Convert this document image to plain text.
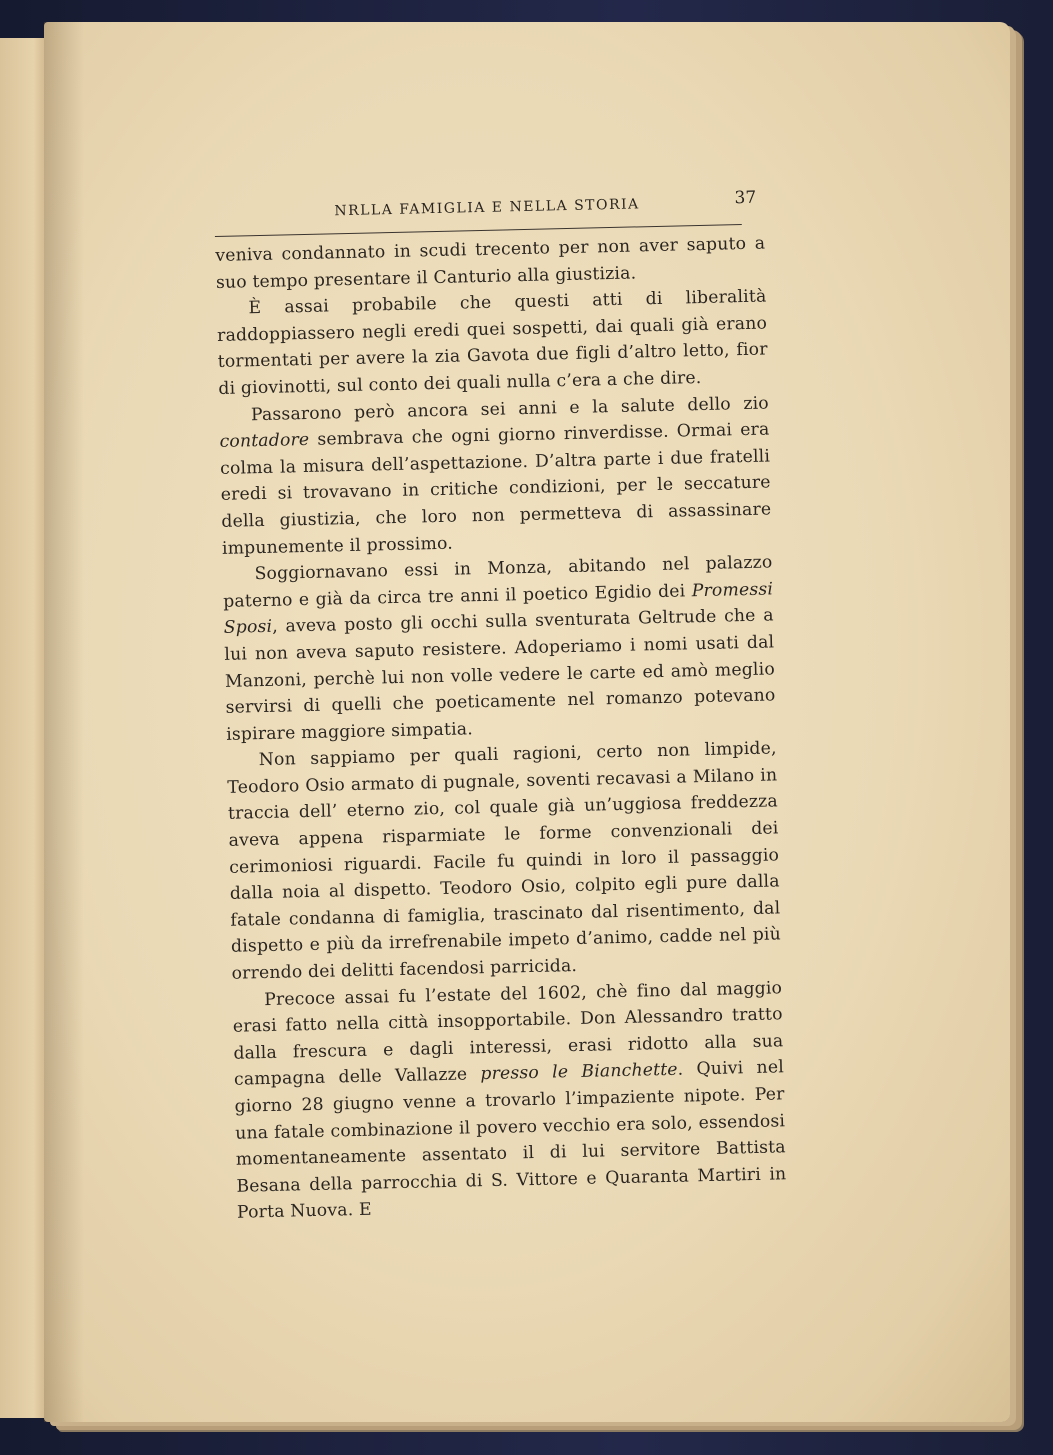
NRLLA FAMIGLIA E NELLA STORIA	37

veniva condannato in scudi trecento per non aver saputo a suo tempo presentare il Canturio alla giustizia.

È assai probabile che questi atti di liberalità raddoppiassero negli eredi quei sospetti, dai quali già erano tormentati per avere la zia Gavota due figli d’altro letto, fior di giovinotti, sul conto dei quali nulla c’era a che dire.

Passarono però ancora sei anni e la salute dello zio contadore sembrava che ogni giorno rinverdisse. Ormai era colma la misura dell’aspettazione. D’altra parte i due fratelli eredi si trovavano in critiche condizioni, per le seccature della giustizia, che loro non permetteva di assassinare impunemente il prossimo.

Soggiornavano essi in Monza, abitando nel palazzo paterno e già da circa tre anni il poetico Egidio dei Promessi Sposi, aveva posto gli occhi sulla sventurata Geltrude che a lui non aveva saputo resistere. Adoperiamo i nomi usati dal Manzoni, perchè lui non volle vedere le carte ed amò meglio servirsi di quelli che poeticamente nel romanzo potevano ispirare maggiore simpatia.

Non sappiamo per quali ragioni, certo non limpide, Teodoro Osio armato di pugnale, soventi recavasi a Milano in traccia dell’ eterno zio, col quale già un’uggiosa freddezza aveva appena risparmiate le forme convenzionali dei cerimoniosi riguardi. Facile fu quindi in loro il passaggio dalla noia al dispetto. Teodoro Osio, colpito egli pure dalla fatale condanna di famiglia, trascinato dal risentimento, dal dispetto e più da irrefrenabile impeto d’animo, cadde nel più orrendo dei delitti facendosi parricida.

Precoce assai fu l’estate del 1602, chè fino dal maggio erasi fatto nella città insopportabile. Don Alessandro tratto dalla frescura e dagli interessi, erasi ridotto alla sua campagna delle Vallazze presso le Bianchette. Quivi nel giorno 28 giugno venne a trovarlo l’impaziente nipote. Per una fatale combinazione il povero vecchio era solo, essendosi momentaneamente assentato il di lui servitore Battista Besana della parrocchia di S. Vittore e Quaranta Martiri in Porta Nuova. E
